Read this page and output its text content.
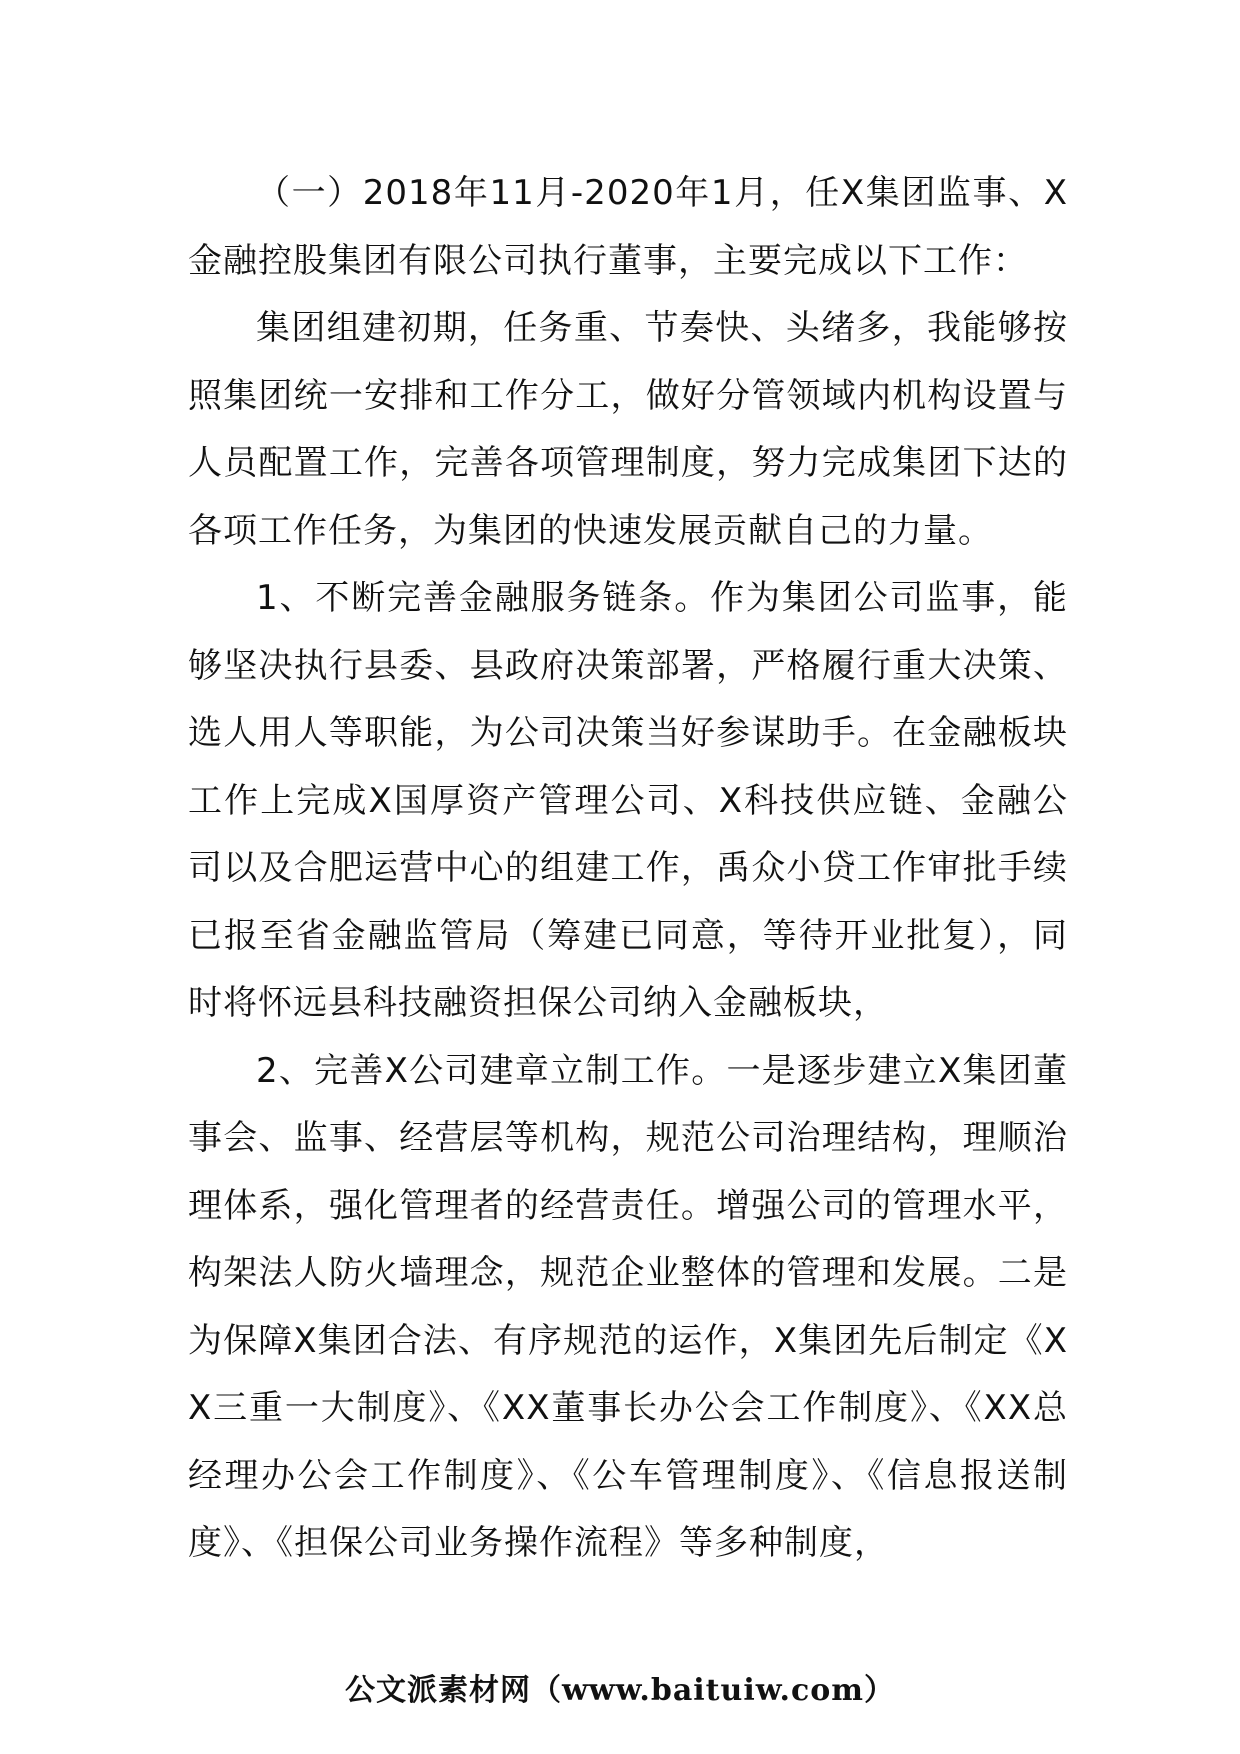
（一）2018年11月-2020年1月，任X集团监事、X金融控股集团有限公司执行董事，主要完成以下工作：

集团组建初期，任务重、节奏快、头绪多，我能够按照集团统一安排和工作分工，做好分管领域内机构设置与人员配置工作，完善各项管理制度，努力完成集团下达的各项工作任务，为集团的快速发展贡献自己的力量。

1、不断完善金融服务链条。作为集团公司监事，能够坚决执行县委、县政府决策部署，严格履行重大决策、选人用人等职能，为公司决策当好参谋助手。在金融板块工作上完成X国厚资产管理公司、X科技供应链、金融公司以及合肥运营中心的组建工作，禹众小贷工作审批手续已报至省金融监管局（筹建已同意，等待开业批复），同时将怀远县科技融资担保公司纳入金融板块，

2、完善X公司建章立制工作。一是逐步建立X集团董事会、监事、经营层等机构，规范公司治理结构，理顺治理体系，强化管理者的经营责任。增强公司的管理水平，构架法人防火墙理念，规范企业整体的管理和发展。二是为保障X集团合法、有序规范的运作，X集团先后制定《XX三重一大制度》、《XX董事长办公会工作制度》、《XX总经理办公会工作制度》、《公车管理制度》、《信息报送制度》、《担保公司业务操作流程》等多种制度，

公文派素材网（www.baituiw.com）
